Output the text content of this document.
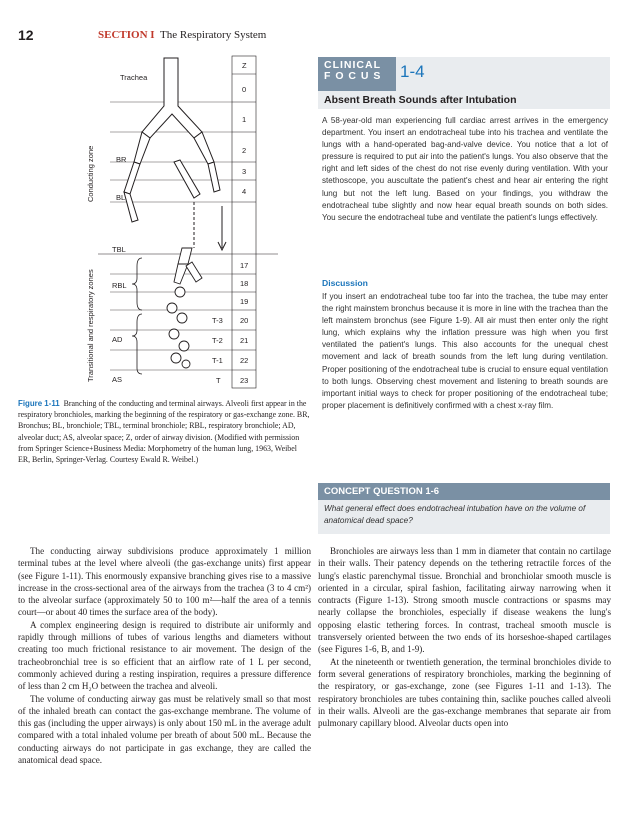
12	SECTION I The Respiratory System
Conducting zone
Transitional and respiratory zones
Trachea
BR
BL
TBL
RBL
AD
AS
Z
0
1
2
3
4
17
18
19
20
21
22
23
T-3
T-2
T-1
T
Figure 1-11 Branching of the conducting and terminal airways. Alveoli first appear in the respiratory bronchioles, marking the beginning of the respiratory or gas-exchange zone. BR, Bronchus; BL, bronchiole; TBL, terminal bronchiole; RBL, respiratory bronchiole; AD, alveolar duct; AS, alveolar space; Z, order of airway division. (Modified with permission from Springer Science+Business Media: Morphometry of the human lung, 1963, Weibel ER, Berlin, Springer-Verlag. Courtesy Ewald R. Weibel.)
CLINICAL
F O C U S	1-4
Absent Breath Sounds after Intubation
A 58-year-old man experiencing full cardiac arrest arrives in the emergency department. You insert an endotracheal tube into his trachea and ventilate the lungs with a hand-operated bag-and-valve device. You notice that a lot of pressure is required to put air into the patient's lungs. You also observe that the right and left sides of the chest do not rise evenly during ventilation. With your stethoscope, you auscultate the patient's chest and hear air entering the right lung but not the left lung. Based on your findings, you withdraw the endotracheal tube slightly and now hear equal breath sounds on both sides. You secure the endotracheal tube and ventilate the patient's lungs effectively.
Discussion
If you insert an endotracheal tube too far into the trachea, the tube may enter the right mainstem bronchus because it is more in line with the trachea than the left mainstem bronchus (see Figure 1-9). All air must then enter only the right lung, which explains why the inflation pressure was high when you first ventilated the patient's lungs. This also accounts for the unequal chest movement and lack of breath sounds from the left lung during ventilation. Proper positioning of the endotracheal tube is crucial to ensure equal ventilation to both lungs. Observing chest movement and listening to breath sounds are important initial ways to check for proper positioning of the endotracheal tube; proper placement is definitively confirmed with a chest x-ray film.
CONCEPT QUESTION 1-6
What general effect does endotracheal intubation have on the volume of anatomical dead space?

The conducting airway subdivisions produce approximately 1 million terminal tubes at the level where alveoli (the gas-exchange units) first appear (see Figure 1-11). This enormously expansive branching gives rise to a massive increase in the cross-sectional area of the airways from the trachea (3 to 4 cm²) to the alveolar surface (approximately 50 to 100 m²—half the area of a tennis court—or about 40 times the surface area of the body).

A complex engineering design is required to distribute air uniformly and rapidly through millions of tubes of various lengths and diameters without creating too much frictional resistance to air movement. The design of the tracheobronchial tree is so efficient that an airflow rate of 1 L per second, commonly achieved during a resting inspiration, requires a pressure difference of less than 2 cm H₂O between the trachea and alveoli.

The volume of conducting airway gas must be relatively small so that most of the inhaled breath can contact the gas-exchange membrane. The volume of this gas (including the upper airways) is only about 150 mL in the average adult compared with a total inhaled volume per breath of about 500 mL. Because the conducting airways do not participate in gas exchange, they are called the anatomical dead space.

Bronchioles are airways less than 1 mm in diameter that contain no cartilage in their walls. Their patency depends on the tethering retractile forces of the lung's elastic parenchymal tissue. Bronchial and bronchiolar smooth muscle is oriented in a circular, spiral fashion, facilitating airway narrowing when it contracts (Figure 1-13). Strong smooth muscle contractions or spasms may nearly collapse the bronchioles, especially if disease weakens the lung's opposing elastic tethering forces. In contrast, tracheal smooth muscle is transversely oriented between the two ends of its horseshoe-shaped cartilages (see Figures 1-6, B, and 1-9).

At the nineteenth or twentieth generation, the terminal bronchioles divide to form several generations of respiratory bronchioles, marking the beginning of the respiratory, or gas-exchange, zone (see Figures 1-11 and 1-13). The respiratory bronchioles are tubes containing thin, saclike pouches called alveoli in their walls. Alveoli are the gas-exchange membranes that separate air from pulmonary capillary blood. Alveolar ducts open into
